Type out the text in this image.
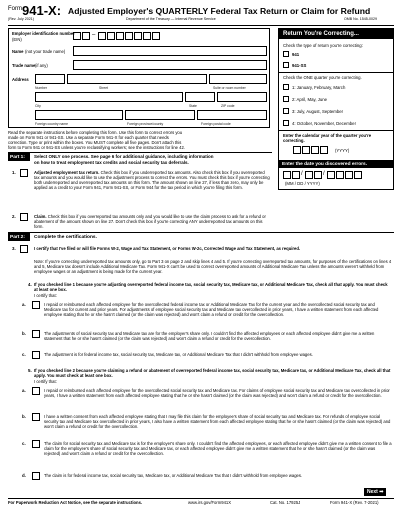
Form 941-X:
(Rev. July 2021)
Adjusted Employer's QUARTERLY Federal Tax Return or Claim for Refund
Department of the Treasury — Internal Revenue Service	OMB No. 1545-0029
Employer identification number
(EIN)
–
Name (not your trade name)
Trade name (if any)
Address
Number	Street	Suite or room number
City	State	ZIP code
Foreign country name	Foreign province/county	Foreign postal code
Return You're Correcting...
Check the type of return you're correcting:
941
941-SS
Check the ONE quarter you're correcting.
1: January, February, March
2: April, May, June
3: July, August, September
4: October, November, December
Enter the calendar year of the quarter you're correcting.
(YYYY)
Enter the date you discovered errors.
/	/
(MM / DD / YYYY)
Read the separate instructions before completing this form. Use this form to correct errors you
made on Form 941 or 941-SS. Use a separate Form 941-X for each quarter that needs
correction. Type or print within the boxes. You MUST complete all five pages. Don't attach this
form to Form 941 or 941-SS unless you're reclassifying workers; see the instructions for line 42.
Part 1:	Select ONLY one process. See page 6 for additional guidance, including information
on how to treat employment tax credits and social security tax deferrals.
1.	Adjusted employment tax return. Check this box if you underreported tax amounts. Also check this box if you overreported tax amounts and you would like to use the adjustment process to correct the errors. You must check this box if you're correcting both underreported and overreported tax amounts on this form. The amount shown on line 27, if less than zero, may only be applied as a credit to your Form 941, Form 941-SS, or Form 944 for the tax period in which you're filing this form.
2.	Claim. Check this box if you overreported tax amounts only and you would like to use the claim process to ask for a refund or abatement of the amount shown on line 27. Don't check this box if you're correcting ANY underreported tax amounts on this form.
Part 2:	Complete the certifications.
3.	I certify that I've filed or will file Forms W-2, Wage and Tax Statement, or Forms W-2c, Corrected Wage and Tax Statement, as required.
Note: If you're correcting underreported tax amounts only, go to Part 3 on page 2 and skip lines 4 and 5. If you're correcting overreported tax amounts, for purposes of the certifications on lines 4 and 5, Medicare tax doesn't include Additional Medicare Tax. Form 941-X can't be used to correct overreported amounts of Additional Medicare Tax unless the amounts weren't withheld from employee wages or an adjustment is being made for the current year.
4. If you checked line 1 because you're adjusting overreported federal income tax, social security tax, Medicare tax, or Additional Medicare Tax, check all that apply. You must check at least one box.
I certify that:
a.	I repaid or reimbursed each affected employee for the overcollected federal income tax or Additional Medicare Tax for the current year and the overcollected social security tax and Medicare tax for current and prior years. For adjustments of employee social security tax and Medicare tax overcollected in prior years, I have a written statement from each affected employee stating that he or she hasn't claimed (or the claim was rejected) and won't claim a refund or credit for the overcollection.
b.	The adjustments of social security tax and Medicare tax are for the employer's share only. I couldn't find the affected employees or each affected employee didn't give me a written statement that he or she hasn't claimed (or the claim was rejected) and won't claim a refund or credit for the overcollection.
c.	The adjustment is for federal income tax, social security tax, Medicare tax, or Additional Medicare Tax that I didn't withhold from employee wages.
5. If you checked line 2 because you're claiming a refund or abatement of overreported federal income tax, social security tax, Medicare tax, or Additional Medicare Tax, check all that apply. You must check at least one box.
I certify that:
a.	I repaid or reimbursed each affected employee for the overcollected social security tax and Medicare tax. For claims of employee social security tax and Medicare tax overcollected in prior years, I have a written statement from each affected employee stating that he or she hasn't claimed (or the claim was rejected) and won't claim a refund or credit for the overcollection.
b.	I have a written consent from each affected employee stating that I may file this claim for the employee's share of social security tax and Medicare tax. For refunds of employee social security tax and Medicare tax overcollected in prior years, I also have a written statement from each affected employee stating that he or she hasn't claimed (or the claim was rejected) and won't claim a refund or credit for the overcollection.
c.	The claim for social security tax and Medicare tax is for the employer's share only. I couldn't find the affected employees, or each affected employee didn't give me a written consent to file a claim for the employee's share of social security tax and Medicare tax, or each affected employee didn't give me a written statement that he or she hasn't claimed (or the claim was rejected) and won't claim a refund or credit for the overcollection.
d.	The claim is for federal income tax, social security tax, Medicare tax, or Additional Medicare Tax that I didn't withhold from employee wages.
Next ➡
For Paperwork Reduction Act Notice, see the separate instructions.	www.irs.gov/Form941X	Cat. No. 17925J	Form 941-X (Rev. 7-2021)
